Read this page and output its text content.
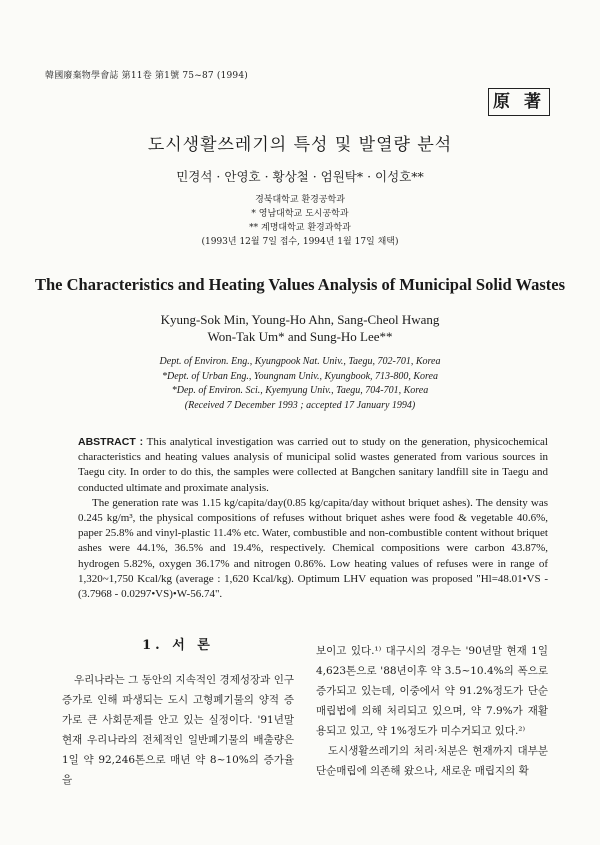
韓國廢棄物學會誌 第11卷 第1號 75~87 (1994)
原 著
도시생활쓰레기의 특성 및 발열량 분석
민경석 · 안영호 · 황상철 · 엄원탁* · 이성호**
경북대학교 환경공학과
* 영남대학교 도시공학과
** 계명대학교 환경과학과
(1993년 12월 7일 접수, 1994년 1월 17일 채택)
The Characteristics and Heating Values Analysis of Municipal Solid Wastes
Kyung-Sok Min, Young-Ho Ahn, Sang-Cheol Hwang
Won-Tak Um* and Sung-Ho Lee**
Dept. of Environ. Eng., Kyungpook Nat. Univ., Taegu, 702-701, Korea
*Dept. of Urban Eng., Youngnam Univ., Kyungbook, 713-800, Korea
*Dep. of Environ. Sci., Kyemyung Univ., Taegu, 704-701, Korea
(Received 7 December 1993 ; accepted 17 January 1994)

ABSTRACT : This analytical investigation was carried out to study on the generation, physicochemical characteristics and heating values analysis of municipal solid wastes generated from various sources in Taegu city. In order to do this, the samples were collected at Bangchen sanitary landfill site in Taegu and conducted ultimate and proximate analysis.

The generation rate was 1.15 kg/capita/day(0.85 kg/capita/day without briquet ashes). The density was 0.245 kg/m³, the physical compositions of refuses without briquet ashes were food & vegetable 40.6%, paper 25.8% and vinyl-plastic 11.4% etc. Water, combustible and non-combustible content without briquet ashes were 44.1%, 36.5% and 19.4%, respectively. Chemical compositions were carbon 43.87%, hydrogen 5.82%, oxygen 36.17% and nitrogen 0.86%. Low heating values of refuses were in range of 1,320~1,750 Kcal/kg (average : 1,620 Kcal/kg). Optimum LHV equation was proposed "Hl=48.01•VS - (3.7968 - 0.0297•VS)•W-56.74".

1. 서 론

우리나라는 그 동안의 지속적인 경제성장과 인구증가로 인해 파생되는 도시 고형폐기물의 양적 증가로 큰 사회문제를 안고 있는 실정이다. '91년말 현재 우리나라의 전체적인 일반폐기물의 배출량은 1일 약 92,246톤으로 매년 약 8~10%의 증가율을

보이고 있다.¹⁾ 대구시의 경우는 '90년말 현재 1일 4,623톤으로 '88년이후 약 3.5~10.4%의 폭으로 증가되고 있는데, 이중에서 약 91.2%정도가 단순매립법에 의해 처리되고 있으며, 약 7.9%가 재활용되고 있고, 약 1%정도가 미수거되고 있다.²⁾

도시생활쓰레기의 처리·처분은 현재까지 대부분 단순매립에 의존해 왔으나, 새로운 매립지의 확
